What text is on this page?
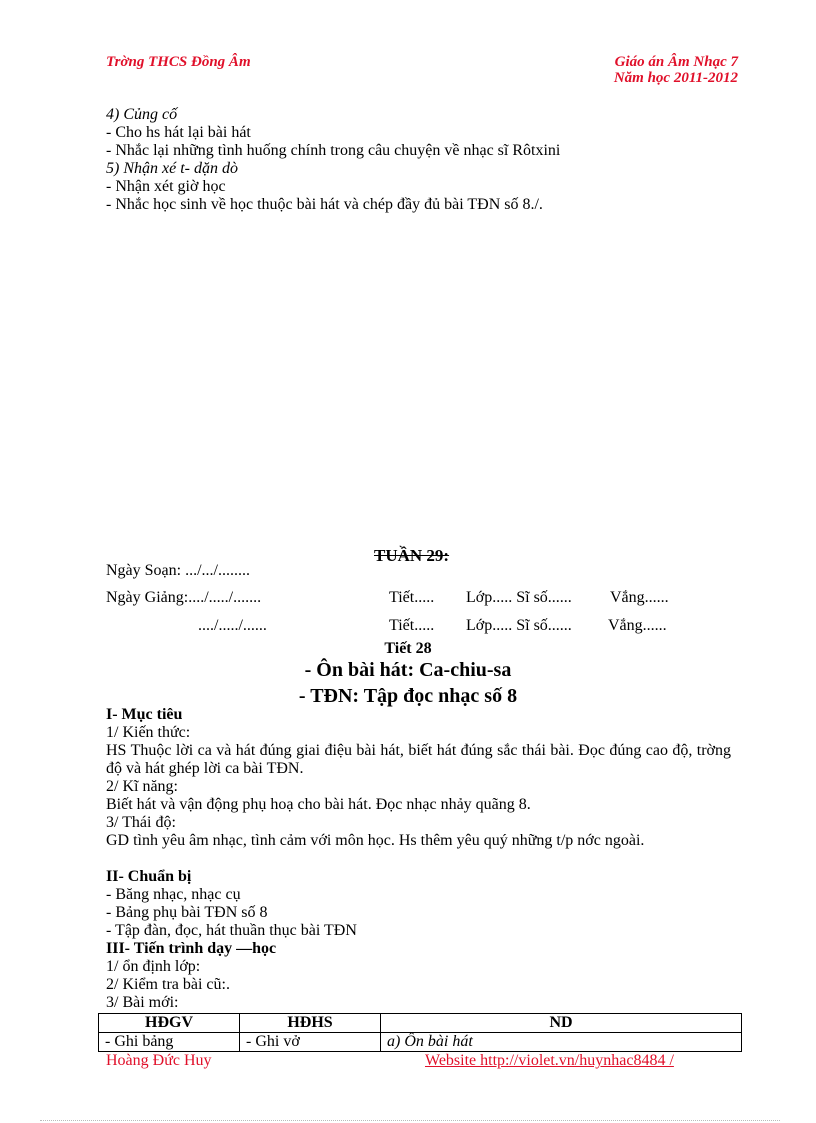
Trờng THCS Đồng Âm	Giáo án Âm Nhạc 7
Năm học 2011-2012
4) Củng cố
- Cho hs hát lại bài hát
- Nhắc lại những tình huống chính trong câu chuyện về nhạc sĩ Rôtxini
5) Nhận xé t- dặn dò
- Nhận xét giờ học
- Nhắc học sinh về học thuộc bài hát và chép đầy đủ bài TĐN số 8./.
TUẦN 29:
Ngày Soạn: .../.../........
Ngày Giảng:..../...../.......	Tiết..... Lớp..... Sĩ số...... Vắng......
..../...../......	Tiết..... Lớp..... Sĩ số...... Vắng......
Tiết 28
- Ôn bài hát: Ca-chiu-sa
- TĐN: Tập đọc nhạc số 8
I- Mục tiêu
1/ Kiến thức:
HS Thuộc lời ca và hát đúng giai điệu bài hát, biết hát đúng sắc thái bài. Đọc đúng cao độ, trờng độ và hát ghép lời ca bài TĐN.
2/ Kĩ năng:
Biết hát và vận động phụ hoạ cho bài hát. Đọc nhạc nhảy quãng 8.
3/ Thái độ:
GD tình yêu âm nhạc, tình cảm với môn học. Hs thêm yêu quý những t/p nớc ngoài.
II- Chuẩn bị
- Băng nhạc, nhạc cụ
- Bảng phụ bài TĐN số 8
- Tập đàn, đọc, hát thuần thục bài TĐN
III- Tiến trình dạy —học
1/ ổn định lớp:
2/ Kiểm tra bài cũ:.
3/ Bài mới:
HĐGV	HĐHS	ND
- Ghi bảng	- Ghi vở	a) Ôn bài hát
Hoàng Đức Huy	Website http://violet.vn/huynhac8484 /
